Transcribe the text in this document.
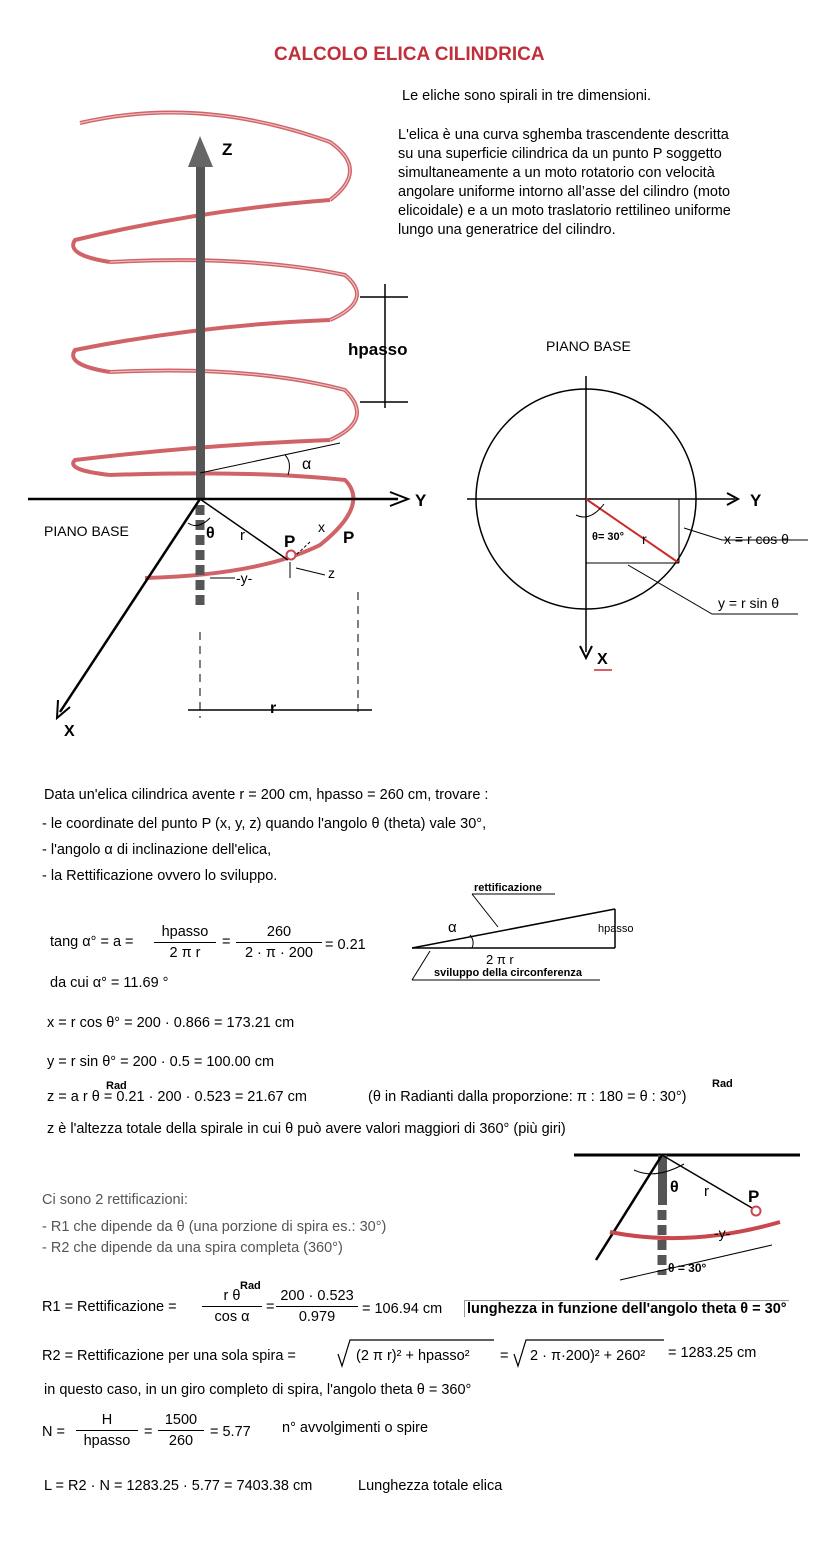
CALCOLO ELICA CILINDRICA
Le eliche sono spirali in tre dimensioni.
L'elica è una curva sghemba trascendente descritta
su una superficie cilindrica da un punto P soggetto
simultaneamente a un moto rotatorio con velocità
angolare uniforme intorno all’asse del cilindro (moto
elicoidale) e a un moto traslatorio rettilineo uniforme
lungo una generatrice del cilindro.
Z
Y
X
hpasso
α
PIANO BASE	θ r P	P
x
z
-y-
r
PIANO BASE
Y
X
θ= 30° r	x = r cos θ
y = r sin θ
Data un'elica cilindrica avente r = 200 cm, hpasso = 260 cm, trovare :
- le coordinate del punto P (x, y, z) quando l'angolo θ (theta) vale 30°,
- l'angolo α di inclinazione dell'elica,
- la Rettificazione ovvero lo sviluppo.
α	hpasso
rettificazione
2 π r
sviluppo della circonferenza
tang α° = a =
hpasso
2 π r
= $\frac{260}{2 \cdot \pi \cdot 200} = 0.21$
da cui α° = 11.69 °
x = r cos θ° = 200 · 0.866 = 173.21 cm
y = r sin θ° = 200 · 0.5 = 100.00 cm
Rad
z = a r θ = 0.21 · 200 · 0.523 = 21.67 cm
Rad
(θ in Radianti dalla proporzione: π : 180 = θ : 30°)
z è l'altezza totale della spirale in cui θ può avere valori maggiori di 360° (più giri)
Ci sono 2 rettificazioni:
- R1 che dipende da θ (una porzione di spira es.: 30°)
- R2 che dipende da una spira completa (360°)
P
r
θ
-y-
θ = 30°
R1 = Rettificazione =
Rad
$\frac{\text{r θ}}{\text{cos α}} = \frac{200 \cdot 0.523}{0.979} = 106.94$ cm lunghezza in funzione dell'angolo theta θ = 30°
R2 = Rettificazione per una sola spira =	(2 π r)² + hpasso² = 2 · π·200)² + 260² = 1283.25 cm
in questo caso, in un giro completo di spira, l'angolo theta θ = 360°
N =
H
hpasso
= $\frac{1500}{260} = 5.77$ n° avvolgimenti o spire
L = R2 · N = 1283.25 · 5.77 = 7403.38 cm	Lunghezza totale elica
